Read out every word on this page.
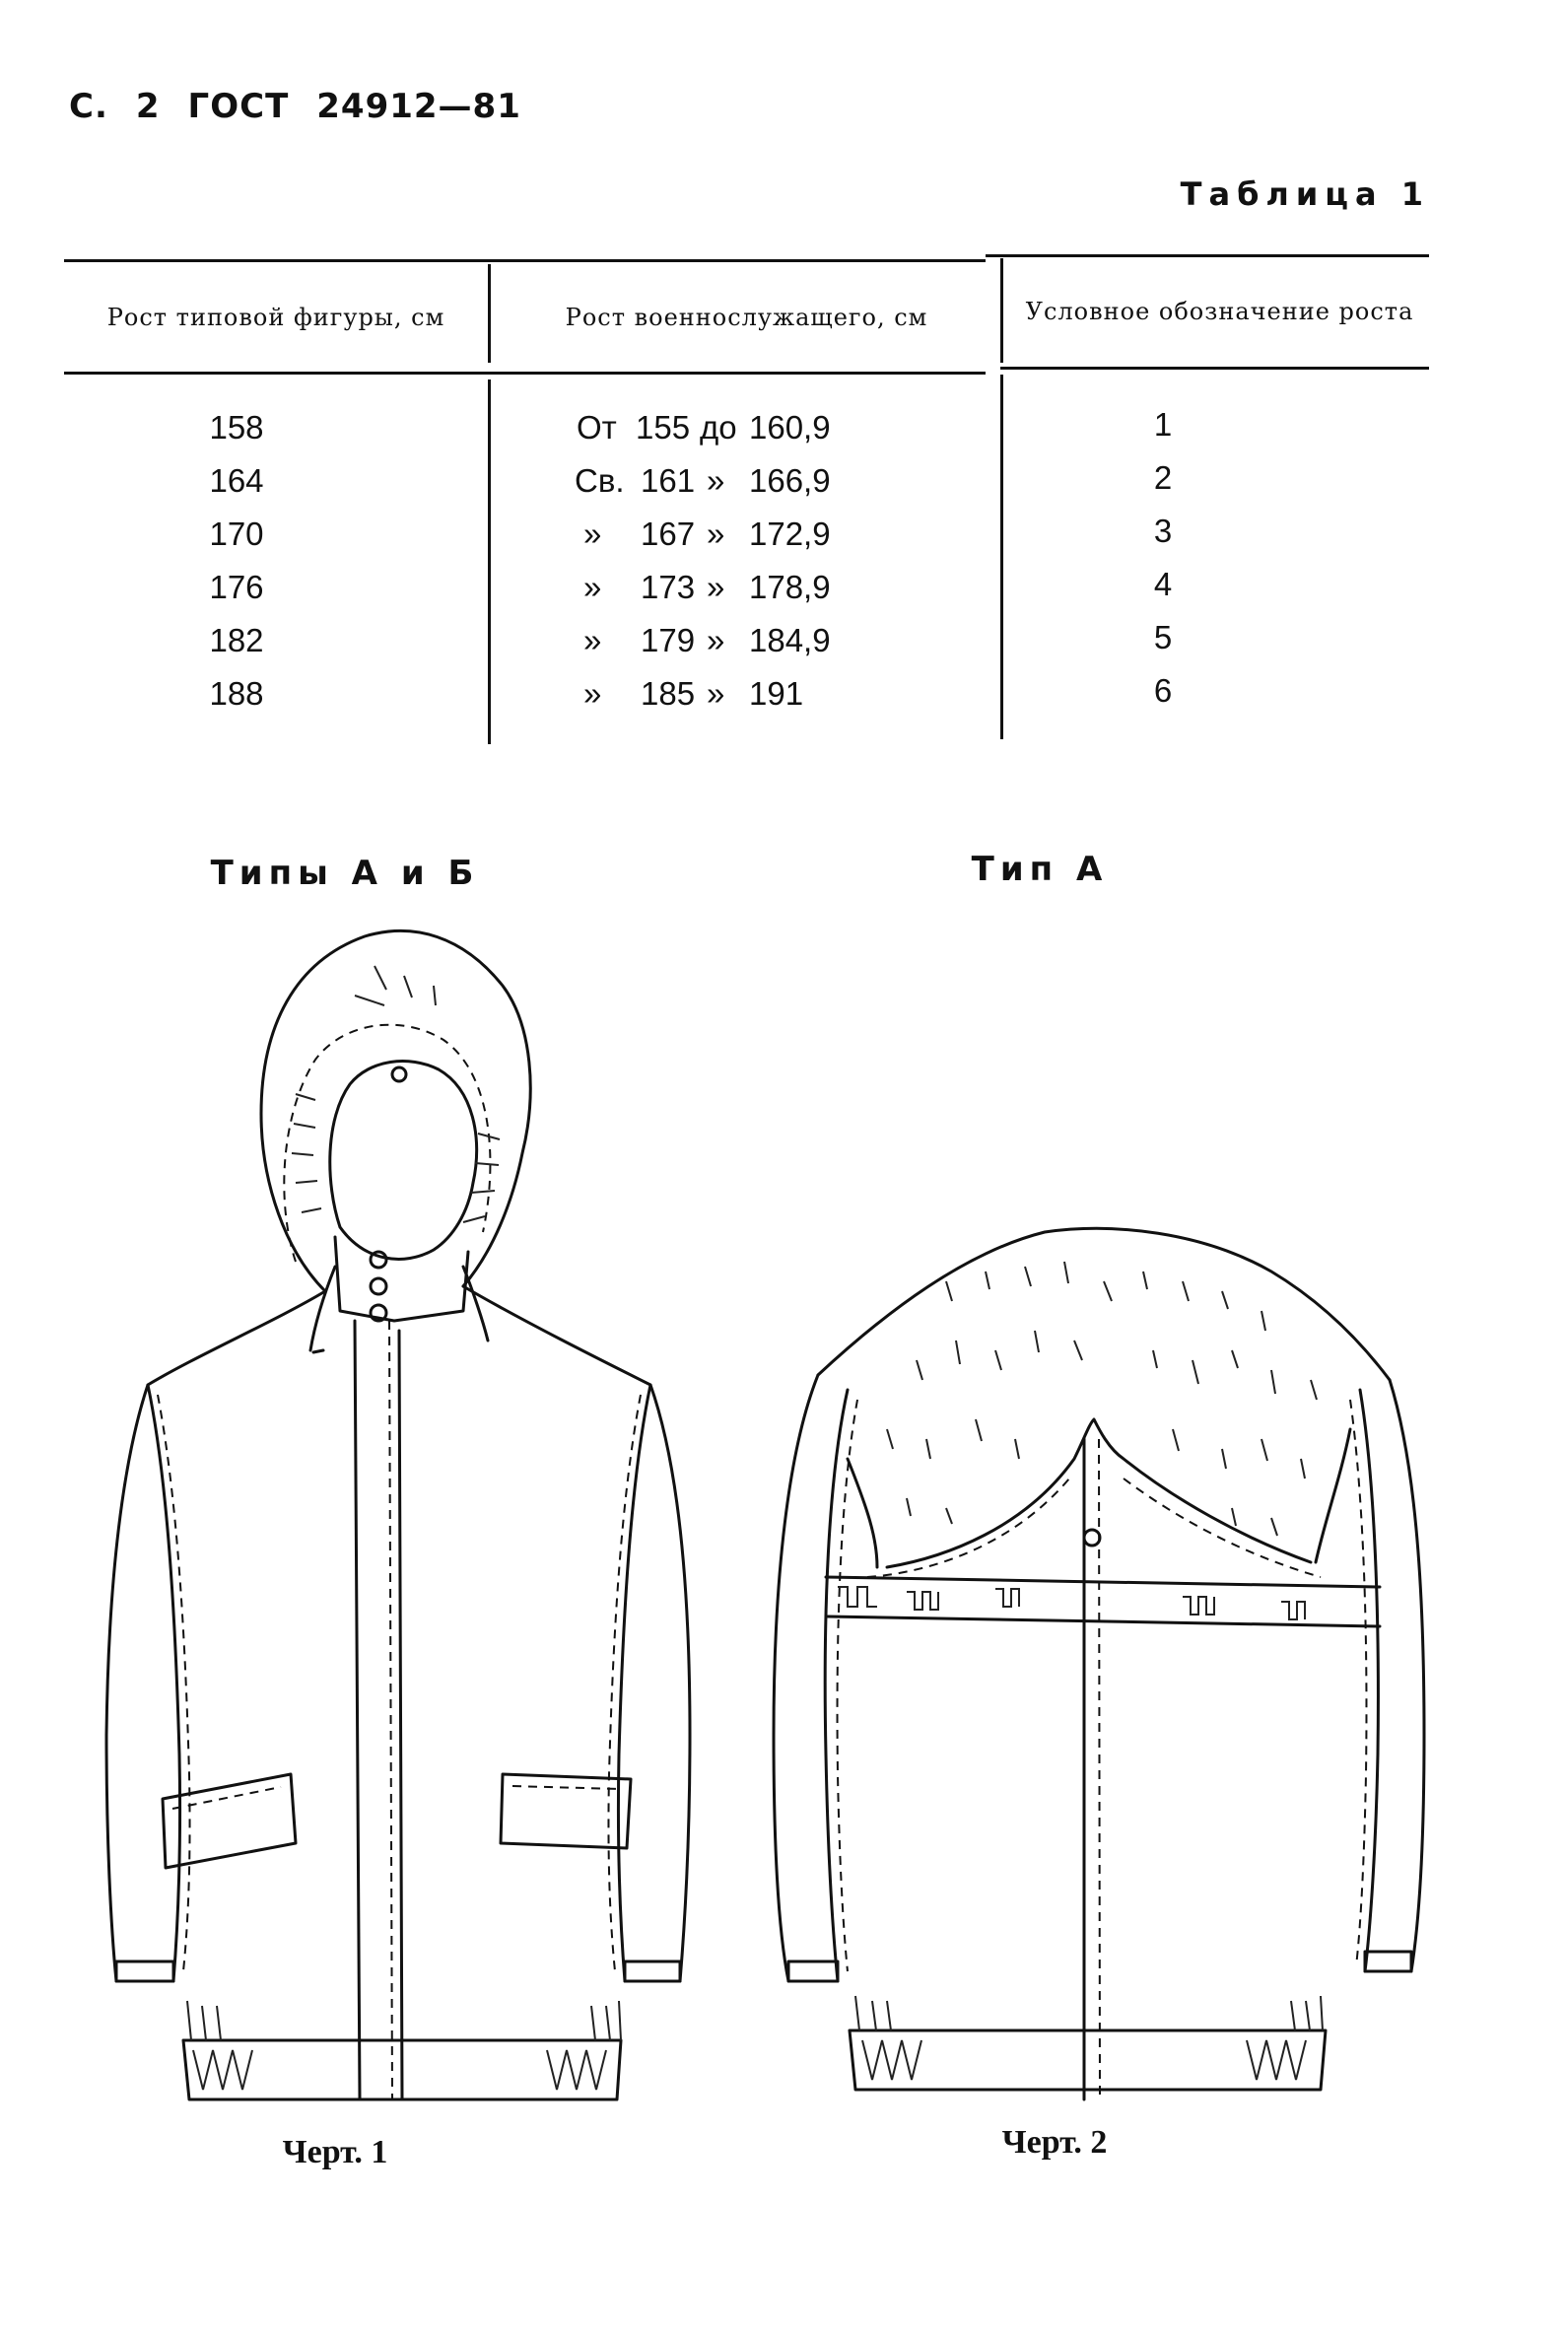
С. 2 ГОСТ 24912—81
Таблица 1
Рост типовой фигуры, см	Рост военнослужащего, см	Условное обозначение роста
158	От 155 до 160,9	1
164	Св. 161 » 166,9	2
170	» 167 » 172,9	3
176	» 173 » 178,9	4
182	» 179 » 184,9	5
188	» 185 » 191	6
Типы А и Б	Тип А
Черт. 1	Черт. 2
